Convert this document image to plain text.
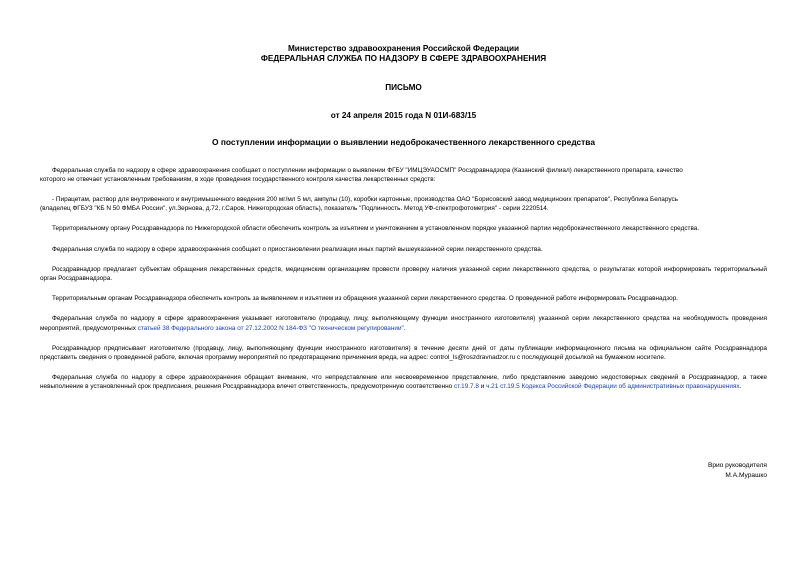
Министерство здравоохранения Российской Федерации
ФЕДЕРАЛЬНАЯ СЛУЖБА ПО НАДЗОРУ В СФЕРЕ ЗДРАВООХРАНЕНИЯ
ПИСЬМО
от 24 апреля 2015 года N 01И-683/15
О поступлении информации о выявлении недоброкачественного лекарственного средства

Федеральная служба по надзору в сфере здравоохранения сообщает о поступлении информации о выявлении ФГБУ "ИМЦЭУАОСМП" Росздравнадзора (Казанский филиал) лекарственного препарата, качество
которого не отвечает установленным требованиям, в ходе проведения государственного контроля качества лекарственных средств:

- Пирацетам, раствор для внутривенного и внутримышечного введения 200 мг/мл 5 мл, ампулы (10), коробки картонные, производства ОАО "Борисовский завод медицинских препаратов", Республика Беларусь
(владелец ФГБУЗ "КБ N 50 ФМБА России", ул.Зернова, д.72, г.Саров, Нижегородская область), показатель "Подлинность. Метод УФ-спектрофотометрия" - серии 2220514.

Территориальному органу Росздравнадзора по Нижегородской области обеспечить контроль за изъятием и уничтожением в установленном порядке указанной партии недоброкачественного лекарственного средства.

Федеральная служба по надзору в сфере здравоохранения сообщает о приостановлении реализации иных партий вышеуказанной серии лекарственного средства.

Росздравнадзор предлагает субъектам обращения лекарственных средств, медицинским организациям провести проверку наличия указанной серии лекарственного средства, о результатах которой информировать территориальный орган Росздравнадзора.

Территориальным органам Росздравнадзора обеспечить контроль за выявлением и изъятием из обращения указанной серии лекарственного средства. О проведенной работе информировать Росздравнадзор.

Федеральная служба по надзору в сфере здравоохранения указывает изготовителю (продавцу, лицу, выполняющему функции иностранного изготовителя) указанной серии лекарственного средства на необходимость проведения мероприятий, предусмотренных статьей 38 Федерального закона от 27.12.2002 N 184-ФЗ "О техническом регулировании".

Росздравнадзор предписывает изготовителю (продавцу, лицу, выполняющему функции иностранного изготовителя) в течение десяти дней от даты публикации информационного письма на официальном сайте Росздравнадзора представить сведения о проведенной работе, включая программу мероприятий по предотвращению причинения вреда, на адрес: control_ls@roszdravnadzor.ru с последующей досылкой на бумажном носителе.

Федеральная служба по надзору в сфере здравоохранения обращает внимание, что непредставление или несвоевременное представление, либо представление заведомо недостоверных сведений в Росздравнадзор, а также невыполнение в установленный срок предписания, решения Росздравнадзора влечет ответственность, предусмотренную соответственно ст.19.7.8 и ч.21 ст.19.5 Кодекса Российской Федерации об административных правонарушениях.

Врио руководителя
М.А.Мурашко
